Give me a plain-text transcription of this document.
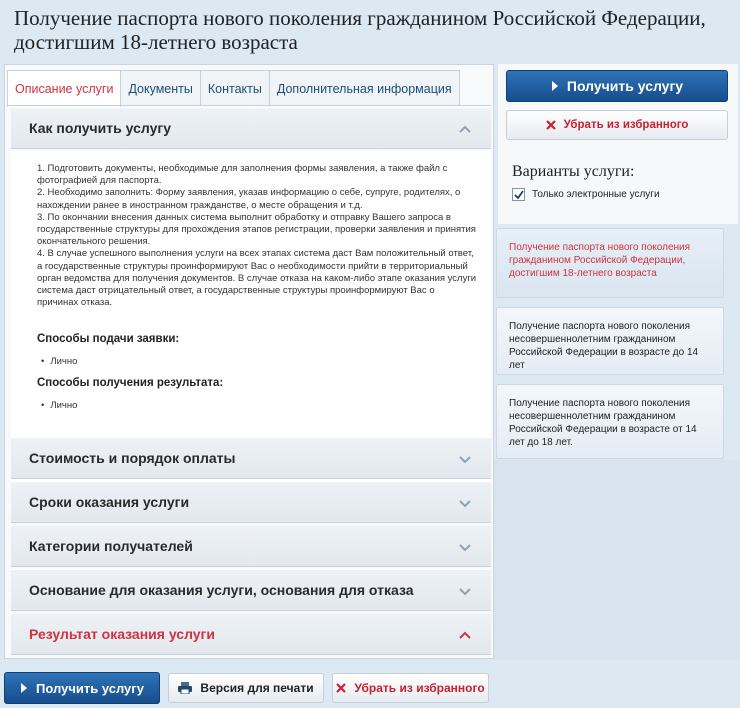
Получение паспорта нового поколения гражданином Российской Федерации, достигшим 18-летнего возраста
Описание услуги	Документы	Контакты	Дополнительная информация
Как получить услугу

1. Подготовить документы, необходимые для заполнения формы заявления, а также файл с фотографией для паспорта.

2. Необходимо заполнить: Форму заявления, указав информацию о себе, супруге, родителях, о нахождении ранее в иностранном гражданстве, о месте обращения и т.д.

3. По окончании внесения данных система выполнит обработку и отправку Вашего запроса в государственные структуры для прохождения этапов регистрации, проверки заявления и принятия окончательного решения.

4. В случае успешного выполнения услуги на всех этапах система даст Вам положительный ответ, а государственные структуры проинформируют Вас о необходимости прийти в территориальный орган ведомства для получения документов. В случае отказа на каком-либо этапе оказания услуги система даст отрицательный ответ, а государственные структуры проинформируют Вас о причинах отказа.

Способы подачи заявки:
• Лично
Способы получения результата:
• Лично
Стоимость и порядок оплаты
Сроки оказания услуги
Категории получателей
Основание для оказания услуги, основания для отказа
Результат оказания услуги
Получить услугу
Убрать из избранного
Варианты услуги:
Только электронные услуги
Получение паспорта нового поколения гражданином Российской Федерации, достигшим 18-летнего возраста
Получение паспорта нового поколения несовершеннолетним гражданином Российской Федерации в возрасте до 14 лет
Получение паспорта нового поколения несовершеннолетним гражданином Российской Федерации в возрасте от 14 лет до 18 лет.
Получить услугу	Версия для печати	Убрать из избранного
